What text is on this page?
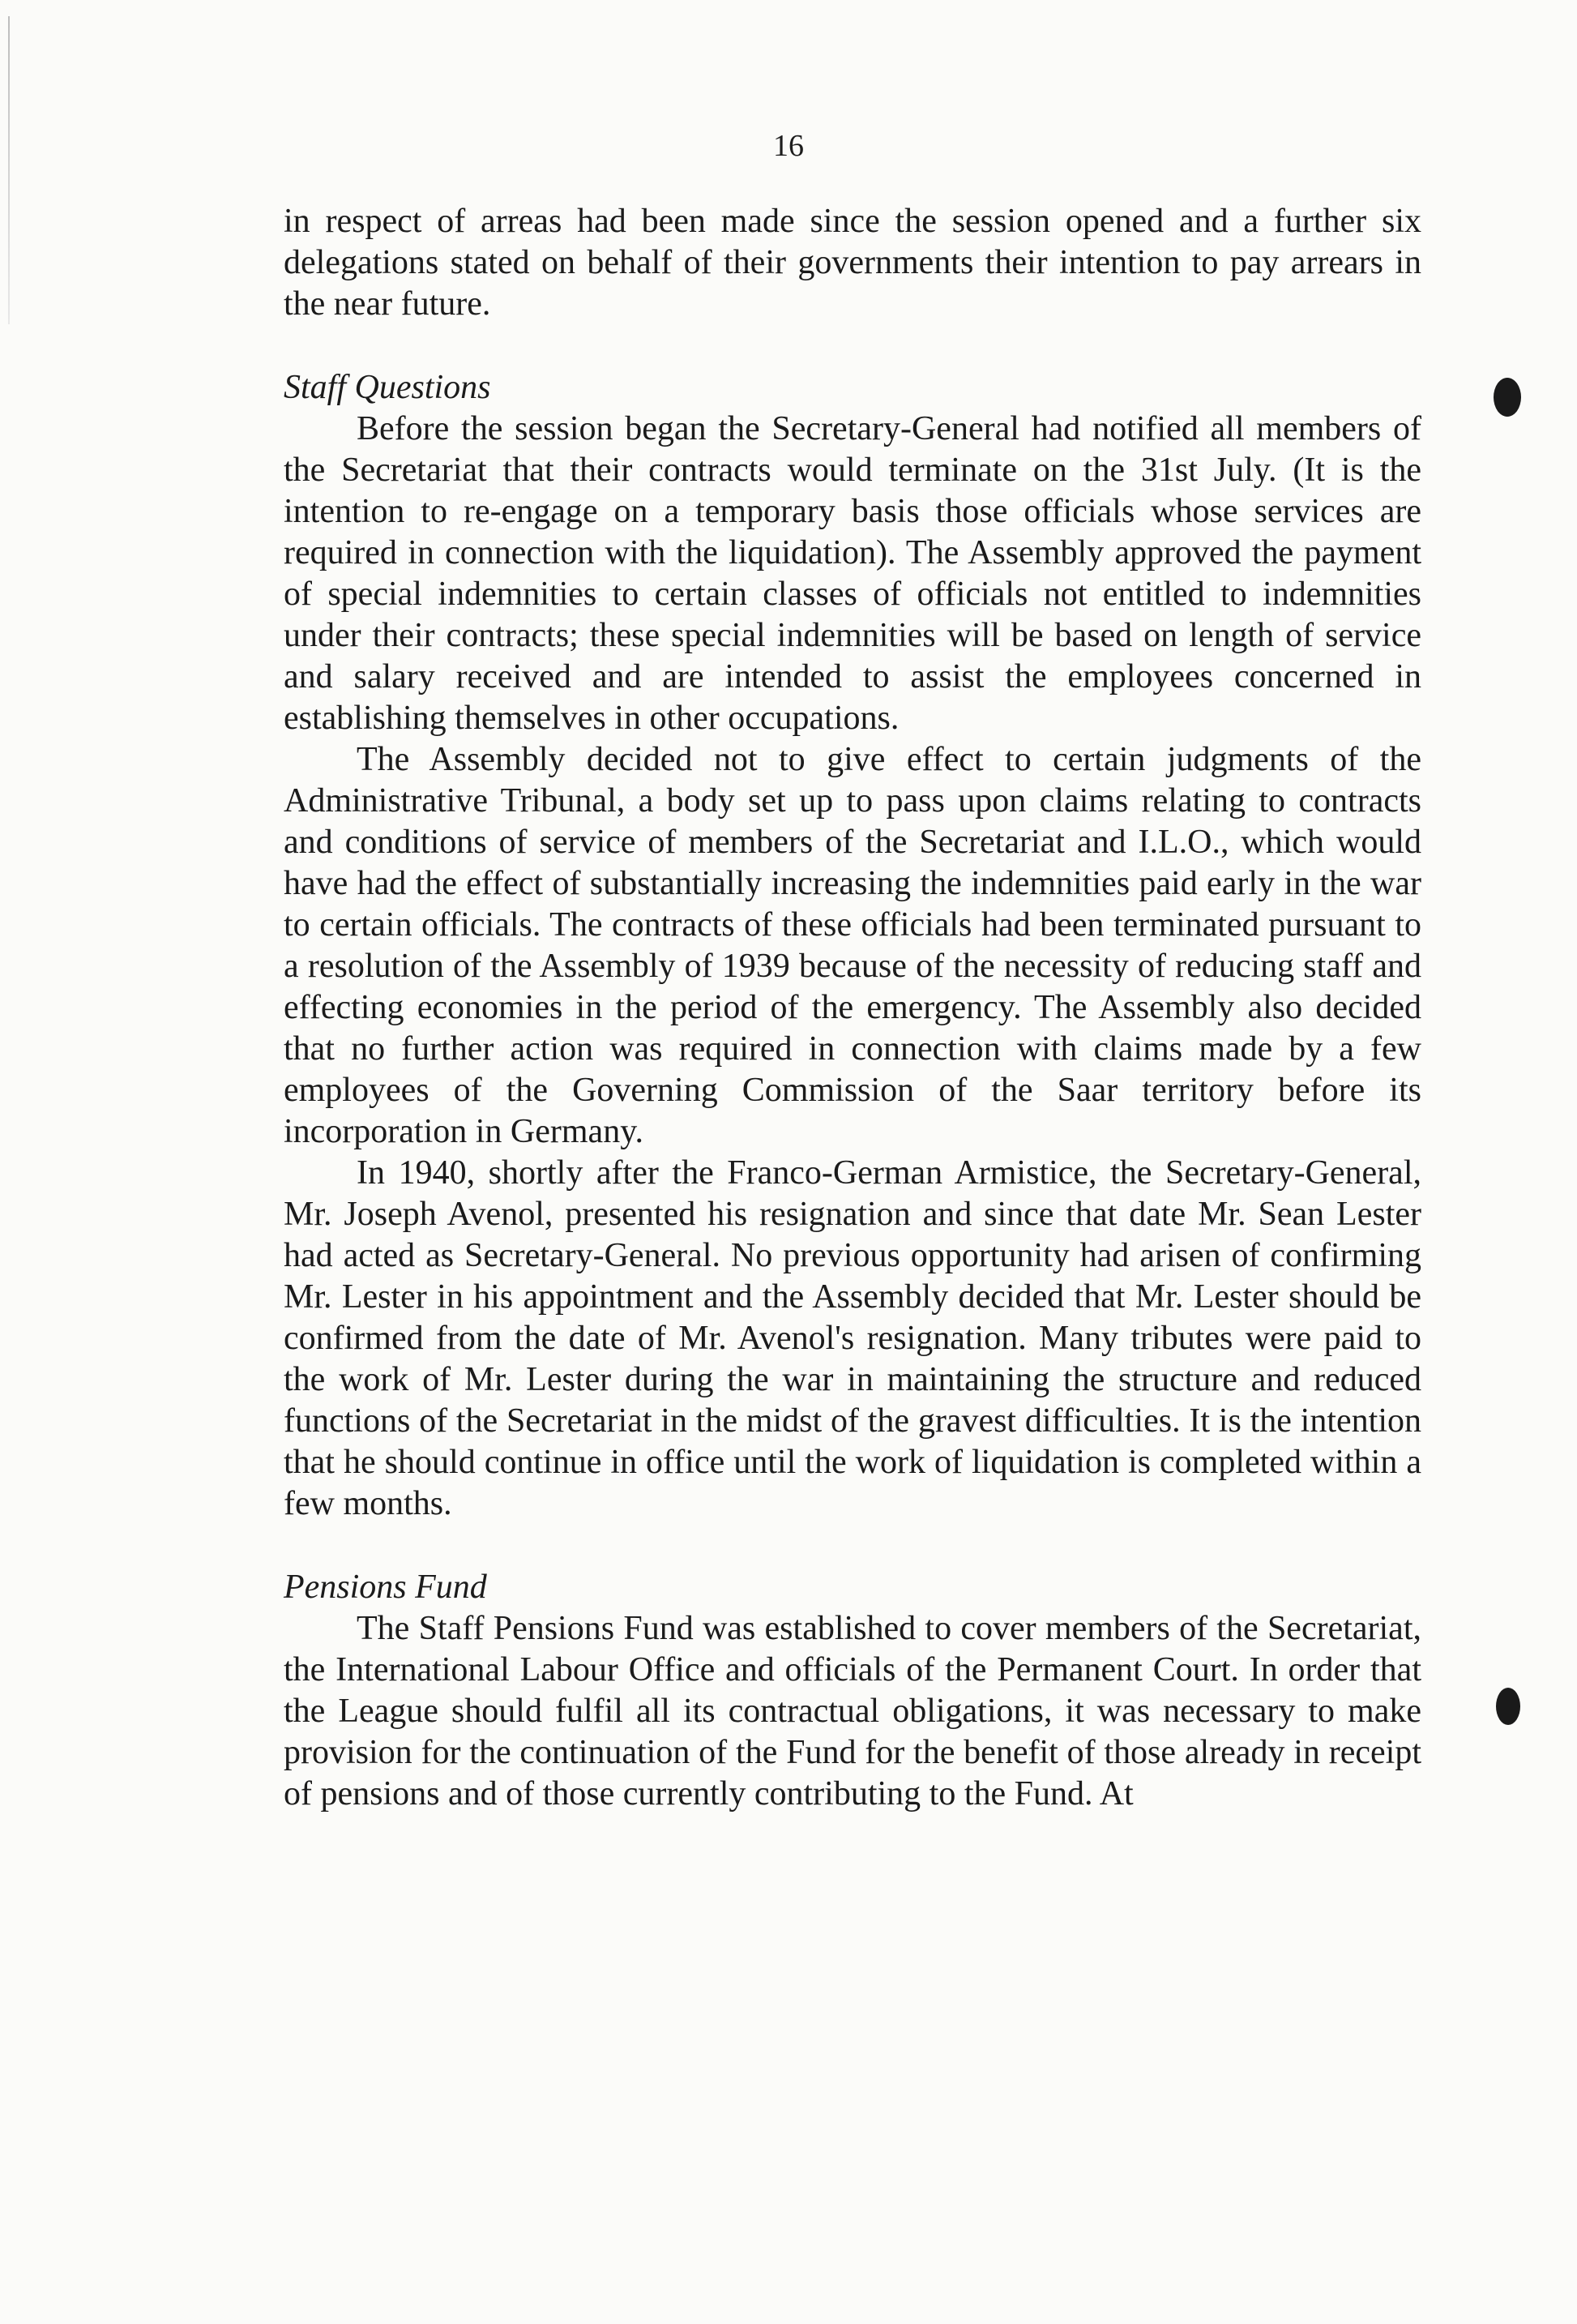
16

in respect of arreas had been made since the session opened and a further six delegations stated on behalf of their governments their intention to pay arrears in the near future.

Staff Questions

Before the session began the Secretary-General had notified all members of the Secretariat that their contracts would terminate on the 31st July. (It is the intention to re-engage on a temporary basis those officials whose services are required in connection with the liquidation). The Assembly approved the payment of special indemnities to certain classes of officials not entitled to indemnities under their contracts; these special indemnities will be based on length of service and salary received and are intended to assist the employees concerned in establishing themselves in other occupations.

The Assembly decided not to give effect to certain judgments of the Administrative Tribunal, a body set up to pass upon claims relating to contracts and conditions of service of members of the Secretariat and I.L.O., which would have had the effect of substantially increasing the indemnities paid early in the war to certain officials. The contracts of these officials had been terminated pursuant to a resolution of the Assembly of 1939 because of the necessity of reducing staff and effecting economies in the period of the emergency. The Assembly also decided that no further action was required in connection with claims made by a few employees of the Governing Commission of the Saar territory before its incorporation in Germany.

In 1940, shortly after the Franco-German Armistice, the Secretary-General, Mr. Joseph Avenol, presented his resignation and since that date Mr. Sean Lester had acted as Secretary-General. No previous opportunity had arisen of confirming Mr. Lester in his appointment and the Assembly decided that Mr. Lester should be confirmed from the date of Mr. Avenol's resignation. Many tributes were paid to the work of Mr. Lester during the war in maintaining the structure and reduced functions of the Secretariat in the midst of the gravest difficulties. It is the intention that he should continue in office until the work of liquidation is completed within a few months.

Pensions Fund

The Staff Pensions Fund was established to cover members of the Secretariat, the International Labour Office and officials of the Permanent Court. In order that the League should fulfil all its contractual obligations, it was necessary to make provision for the continuation of the Fund for the benefit of those already in receipt of pensions and of those currently contributing to the Fund. At
